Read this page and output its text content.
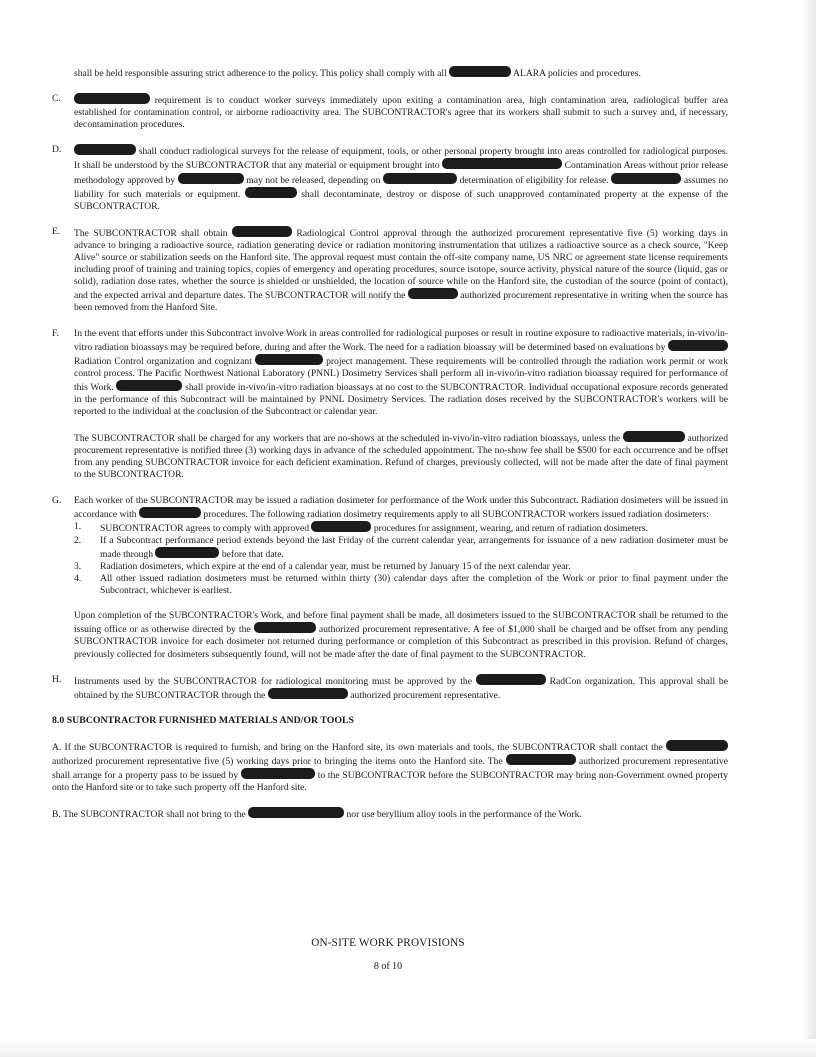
shall be held responsible assuring strict adherence to the policy. This policy shall comply with all	ALARA policies and procedures.

C.	requirement is to conduct worker surveys immediately upon exiting a contamination area, high contamination area, radiological buffer area established for contamination control, or airborne radioactivity area. The SUBCONTRACTOR's agree that its workers shall submit to such a survey and, if necessary, decontamination procedures.

D.	shall conduct radiological surveys for the release of equipment, tools, or other personal property brought into areas controlled for radiological purposes. It shall be understood by the SUBCONTRACTOR that any material or equipment brought into	Contamination Areas without prior release methodology approved by	may not be released, depending on	determination of eligibility for release.	assumes no liability for such materials or equipment.	shall decontaminate, destroy or dispose of such unapproved contaminated property at the expense of the SUBCONTRACTOR.

E. The SUBCONTRACTOR shall obtain	Radiological Control approval through the authorized procurement representative five (5) working days in advance to bringing a radioactive source, radiation generating device or radiation monitoring instrumentation that utilizes a radioactive source as a check source, "Keep Alive" source or stabilization seeds on the Hanford site. The approval request must contain the off-site company name, US NRC or agreement state license requirements including proof of training and training topics, copies of emergency and operating procedures, source isotope, source activity, physical nature of the source (liquid, gas or solid), radiation dose rates, whether the source is shielded or unshielded, the location of source while on the Hanford site, the custodian of the source (point of contact), and the expected arrival and departure dates. The SUBCONTRACTOR will notify the	authorized procurement representative in writing when the source has been removed from the Hanford Site.

F. In the event that efforts under this Subcontract involve Work in areas controlled for radiological purposes or result in routine exposure to radioactive materials, in-vivo/in-vitro radiation bioassays may be required before, during and after the Work. The need for a radiation bioassay will be determined based on evaluations by  Radiation Control organization and cognizant	project management. These requirements will be controlled through the radiation work permit or work control process. The Pacific Northwest National Laboratory (PNNL) Dosimetry Services shall perform all in-vivo/in-vitro radiation bioassay required for performance of this Work.	shall provide in-vivo/in-vitro radiation bioassays at no cost to the SUBCONTRACTOR. Individual occupational exposure records generated in the performance of this Subcontract will be maintained by PNNL Dosimetry Services. The radiation doses received by the SUBCONTRACTOR's workers will be reported to the individual at the conclusion of the Subcontract or calendar year.

The SUBCONTRACTOR shall be charged for any workers that are no-shows at the scheduled in-vivo/in-vitro radiation bioassays, unless the	authorized procurement representative is notified three (3) working days in advance of the scheduled appointment. The no-show fee shall be $500 for each occurrence and be offset from any pending SUBCONTRACTOR invoice for each deficient examination. Refund of charges, previously collected, will not be made after the date of final payment to the SUBCONTRACTOR.

G. Each worker of the SUBCONTRACTOR may be issued a radiation dosimeter for performance of the Work under this Subcontract. Radiation dosimeters will be issued in accordance with	procedures. The following radiation dosimetry requirements apply to all SUBCONTRACTOR workers issued radiation dosimeters:

1. SUBCONTRACTOR agrees to comply with approved	procedures for assignment, wearing, and return of radiation dosimeters.
2. If a Subcontract performance period extends beyond the last Friday of the current calendar year, arrangements for issuance of a new radiation dosimeter must be made through	before that date.
3. Radiation dosimeters, which expire at the end of a calendar year, must be returned by January 15 of the next calendar year.
4. All other issued radiation dosimeters must be returned within thirty (30) calendar days after the completion of the Work or prior to final payment under the Subcontract, whichever is earliest.

Upon completion of the SUBCONTRACTOR's Work, and before final payment shall be made, all dosimeters issued to the SUBCONTRACTOR shall be returned to the issuing office or as otherwise directed by the	authorized procurement representative. A fee of $1,000 shall be charged and be offset from any pending SUBCONTRACTOR invoice for each dosimeter not returned during performance or completion of this Subcontract as prescribed in this provision. Refund of charges, previously collected for dosimeters subsequently found, will not be made after the date of final payment to the SUBCONTRACTOR.

H. Instruments used by the SUBCONTRACTOR for radiological monitoring must be approved by the	RadCon organization. This approval shall be obtained by the SUBCONTRACTOR through the	authorized procurement representative.

8.0 SUBCONTRACTOR FURNISHED MATERIALS AND/OR TOOLS

A. If the SUBCONTRACTOR is required to furnish, and bring on the Hanford site, its own materials and tools, the SUBCONTRACTOR shall contact the  authorized procurement representative five (5) working days prior to bringing the items onto the Hanford site. The	authorized procurement representative shall arrange for a property pass to be issued by	to the SUBCONTRACTOR before the SUBCONTRACTOR may bring non-Government owned property onto the Hanford site or to take such property off the Hanford site.

B. The SUBCONTRACTOR shall not bring to the	nor use beryllium alloy tools in the performance of the Work.

ON-SITE WORK PROVISIONS
8 of 10
